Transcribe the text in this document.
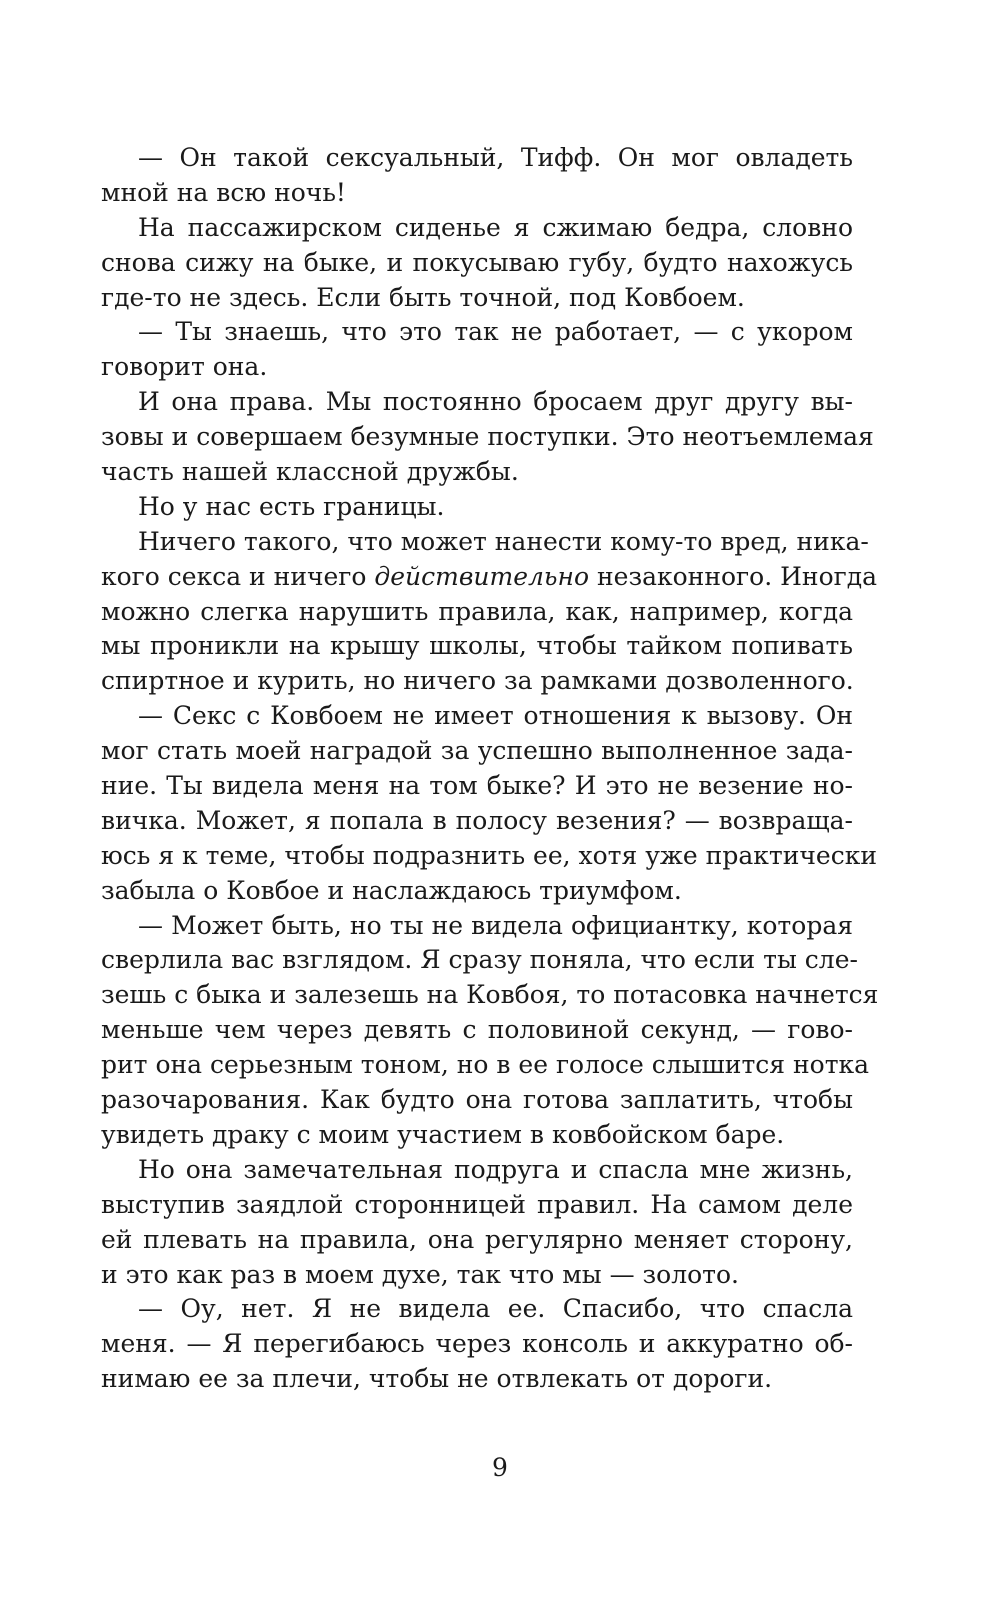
— Он такой сексуальный, Тифф. Он мог овладеть
мной на всю ночь!
На пассажирском сиденье я сжимаю бедра, словно
снова сижу на быке, и покусываю губу, будто нахожусь
где-то не здесь. Если быть точной, под Ковбоем.
— Ты знаешь, что это так не работает, — с укором
говорит она.
И она права. Мы постоянно бросаем друг другу вы-
зовы и совершаем безумные поступки. Это неотъемлемая
часть нашей классной дружбы.
Но у нас есть границы.
Ничего такого, что может нанести кому-то вред, ника-
кого секса и ничего действительно незаконного. Иногда
можно слегка нарушить правила, как, например, когда
мы проникли на крышу школы, чтобы тайком попивать
спиртное и курить, но ничего за рамками дозволенного.
— Секс с Ковбоем не имеет отношения к вызову. Он
мог стать моей наградой за успешно выполненное зада-
ние. Ты видела меня на том быке? И это не везение но-
вичка. Может, я попала в полосу везения? — возвраща-
юсь я к теме, чтобы подразнить ее, хотя уже практически
забыла о Ковбое и наслаждаюсь триумфом.
— Может быть, но ты не видела официантку, которая
сверлила вас взглядом. Я сразу поняла, что если ты сле-
зешь с быка и залезешь на Ковбоя, то потасовка начнется
меньше чем через девять с половиной секунд, — гово-
рит она серьезным тоном, но в ее голосе слышится нотка
разочарования. Как будто она готова заплатить, чтобы
увидеть драку с моим участием в ковбойском баре.
Но она замечательная подруга и спасла мне жизнь,
выступив заядлой сторонницей правил. На самом деле
ей плевать на правила, она регулярно меняет сторону,
и это как раз в моем духе, так что мы — золото.
— Оу, нет. Я не видела ее. Спасибо, что спасла
меня. — Я перегибаюсь через консоль и аккуратно об-
нимаю ее за плечи, чтобы не отвлекать от дороги.
9
